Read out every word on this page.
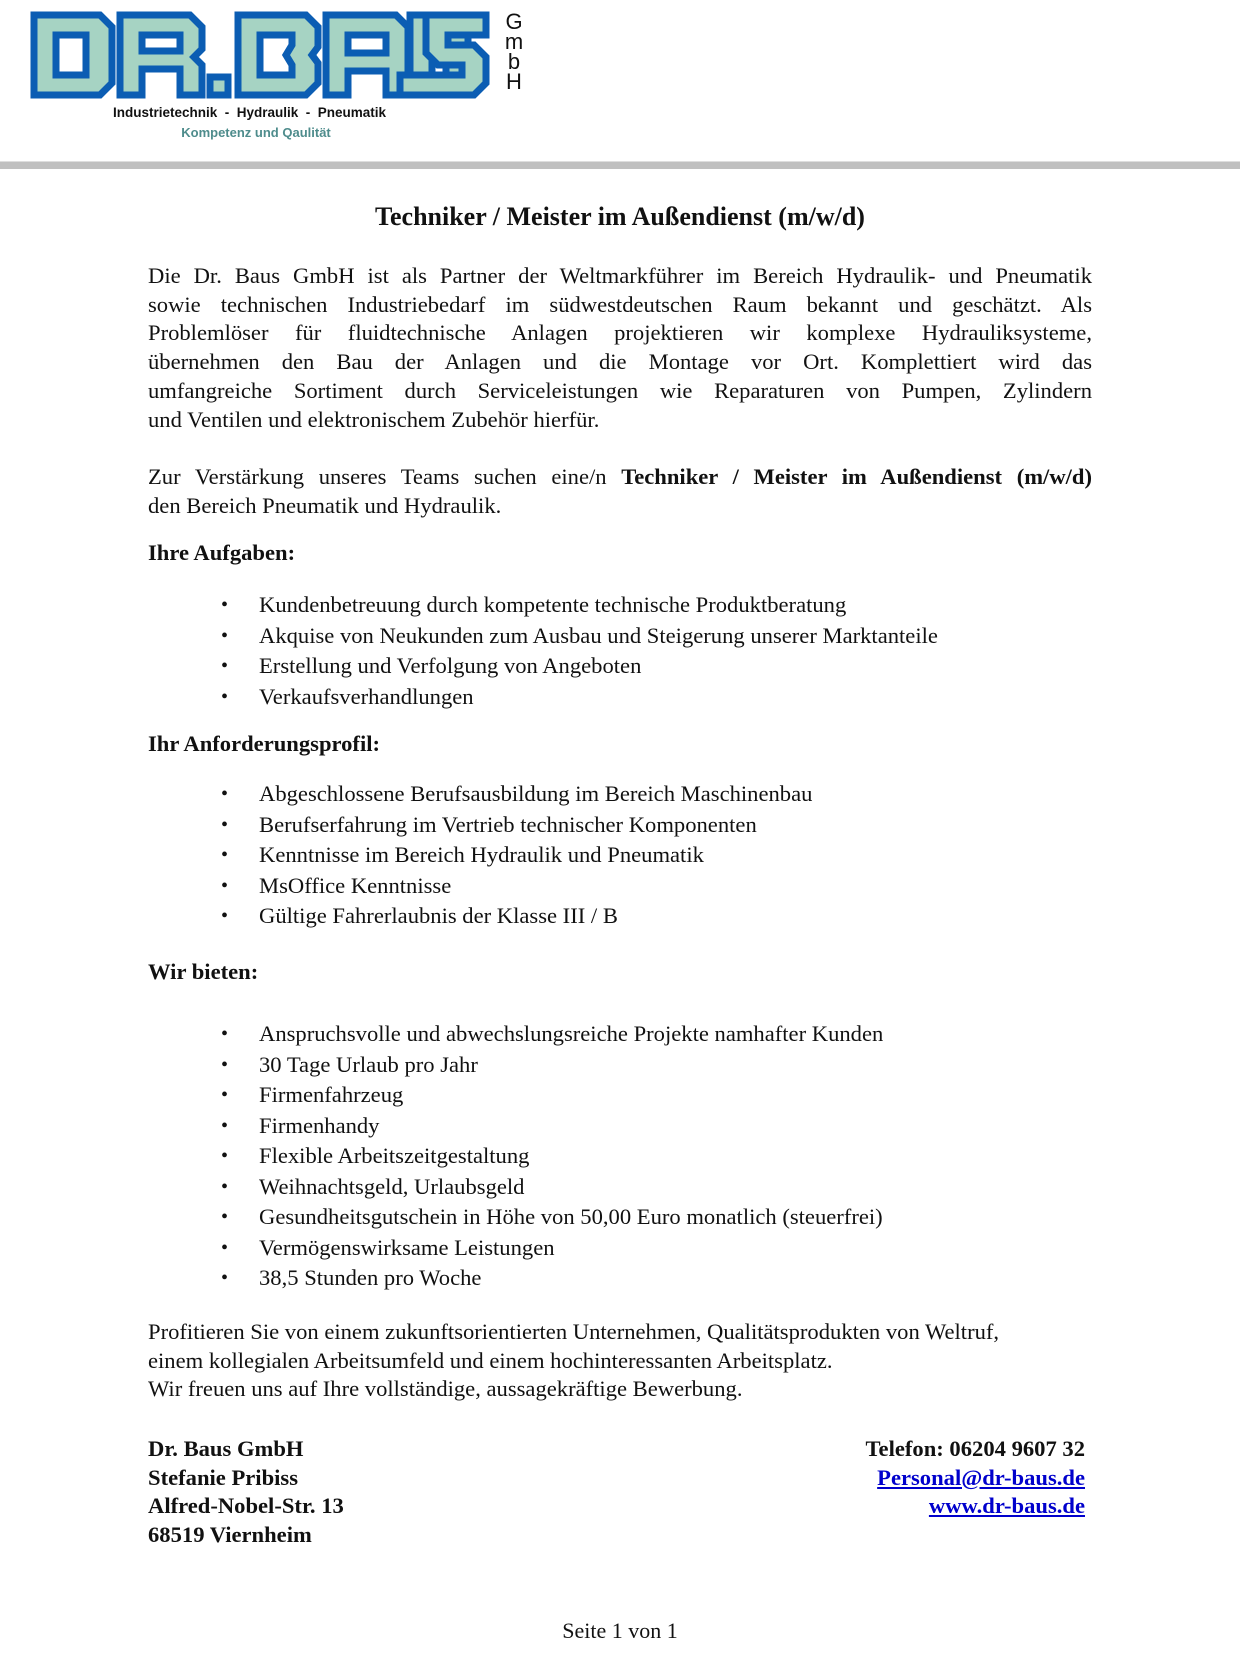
G
m
b
H
Industrietechnik  -  Hydraulik  -  Pneumatik
Kompetenz und Qaulität
Techniker / Meister im Außendienst (m/w/d)
Die Dr. Baus GmbH ist als Partner der Weltmarkführer im Bereich Hydraulik- und Pneumatik
sowie technischen Industriebedarf im südwestdeutschen Raum bekannt und geschätzt. Als
Problemlöser für fluidtechnische Anlagen projektieren wir komplexe Hydrauliksysteme,
übernehmen den Bau der Anlagen und die Montage vor Ort. Komplettiert wird das
umfangreiche Sortiment durch Serviceleistungen wie Reparaturen von Pumpen, Zylindern
und Ventilen und elektronischem Zubehör hierfür.
Zur Verstärkung unseres Teams suchen eine/n Techniker / Meister im Außendienst (m/w/d)
den Bereich Pneumatik und Hydraulik.
Ihre Aufgaben:
• Kundenbetreuung durch kompetente technische Produktberatung
• Akquise von Neukunden zum Ausbau und Steigerung unserer Marktanteile
• Erstellung und Verfolgung von Angeboten
• Verkaufsverhandlungen
Ihr Anforderungsprofil:
• Abgeschlossene Berufsausbildung im Bereich Maschinenbau
• Berufserfahrung im Vertrieb technischer Komponenten
• Kenntnisse im Bereich Hydraulik und Pneumatik
• MsOffice Kenntnisse
• Gültige Fahrerlaubnis der Klasse III / B
Wir bieten:
• Anspruchsvolle und abwechslungsreiche Projekte namhafter Kunden
• 30 Tage Urlaub pro Jahr
• Firmenfahrzeug
• Firmenhandy
• Flexible Arbeitszeitgestaltung
• Weihnachtsgeld, Urlaubsgeld
• Gesundheitsgutschein in Höhe von 50,00 Euro monatlich (steuerfrei)
• Vermögenswirksame Leistungen
• 38,5 Stunden pro Woche
Profitieren Sie von einem zukunftsorientierten Unternehmen, Qualitätsprodukten von Weltruf,
einem kollegialen Arbeitsumfeld und einem hochinteressanten Arbeitsplatz.
Wir freuen uns auf Ihre vollständige, aussagekräftige Bewerbung.
Dr. Baus GmbH
Stefanie Pribiss
Alfred-Nobel-Str. 13
68519 Viernheim
Telefon: 06204 9607 32
Personal@dr-baus.de
www.dr-baus.de
Seite 1 von 1
